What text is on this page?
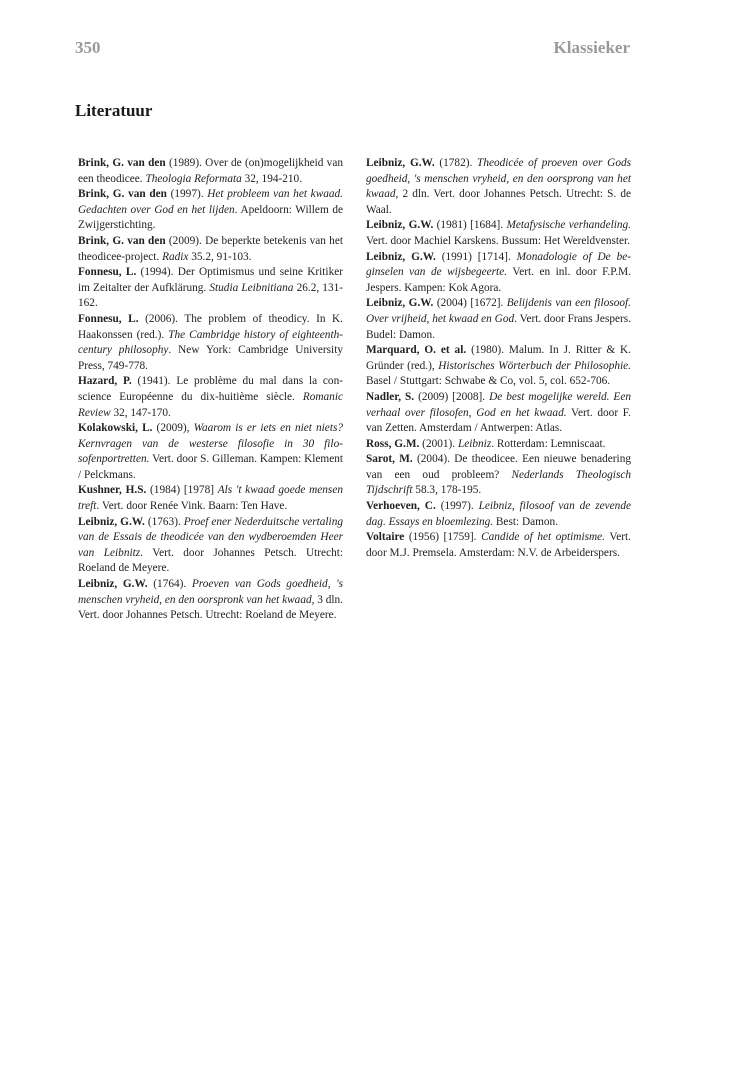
350	Klassieker
Literatuur

Brink, G. van den (1989). Over de (on)mogelijkheid van een theodicee. Theologia Reformata 32, 194-210.

Brink, G. van den (1997). Het probleem van het kwaad. Gedachten over God en het lijden. Apeldoorn: Willem de Zwijgerstichting.

Brink, G. van den (2009). De beperkte betekenis van het theodicee-project. Radix 35.2, 91-103.

Fonnesu, L. (1994). Der Optimismus und seine Kritiker im Zeitalter der Aufklärung. Studia Leibnitiana 26.2, 131-162.

Fonnesu, L. (2006). The problem of theodicy. In K. Haakonssen (red.). The Cambridge history of eighteenth-century philosophy. New York: Cambridge University Press, 749-778.

Hazard, P. (1941). Le problème du mal dans la conscience Européenne du dix-huitième siècle. Romanic Review 32, 147-170.

Kolakowski, L. (2009), Waarom is er iets en niet niets? Kernvragen van de westerse filosofie in 30 filosofenportretten. Vert. door S. Gilleman. Kampen: Klement / Pelckmans.

Kushner, H.S. (1984) [1978] Als 't kwaad goede mensen treft. Vert. door Renée Vink. Baarn: Ten Have.

Leibniz, G.W. (1763). Proef ener Nederduitsche vertaling van de Essais de theodicée van den wydberoemden Heer van Leibnitz. Vert. door Johannes Petsch. Utrecht: Roeland de Meyere.

Leibniz, G.W. (1764). Proeven van Gods goedheid, 's menschen vryheid, en den oorspronk van het kwaad, 3 dln. Vert. door Johannes Petsch. Utrecht: Roeland de Meyere.

Leibniz, G.W. (1782). Theodicée of proeven over Gods goedheid, 's menschen vryheid, en den oorsprong van het kwaad, 2 dln. Vert. door Johannes Petsch. Utrecht: S. de Waal.

Leibniz, G.W. (1981) [1684]. Metafysische verhandeling. Vert. door Machiel Karskens. Bussum: Het Wereldvenster.

Leibniz, G.W. (1991) [1714]. Monadologie of De beginselen van de wijsbegeerte. Vert. en inl. door F.P.M. Jespers. Kampen: Kok Agora.

Leibniz, G.W. (2004) [1672]. Belijdenis van een filosoof. Over vrijheid, het kwaad en God. Vert. door Frans Jespers. Budel: Damon.

Marquard, O. et al. (1980). Malum. In J. Ritter & K. Gründer (red.), Historisches Wörterbuch der Philosophie. Basel / Stuttgart: Schwabe & Co, vol. 5, col. 652-706.

Nadler, S. (2009) [2008]. De best mogelijke wereld. Een verhaal over filosofen, God en het kwaad. Vert. door F. van Zetten. Amsterdam / Antwerpen: Atlas.

Ross, G.M. (2001). Leibniz. Rotterdam: Lemniscaat.

Sarot, M. (2004). De theodicee. Een nieuwe benadering van een oud probleem? Nederlands Theologisch Tijdschrift 58.3, 178-195.

Verhoeven, C. (1997). Leibniz, filosoof van de zevende dag. Essays en bloemlezing. Best: Damon.

Voltaire (1956) [1759]. Candide of het optimisme. Vert. door M.J. Premsela. Amsterdam: N.V. de Arbeiderspers.
